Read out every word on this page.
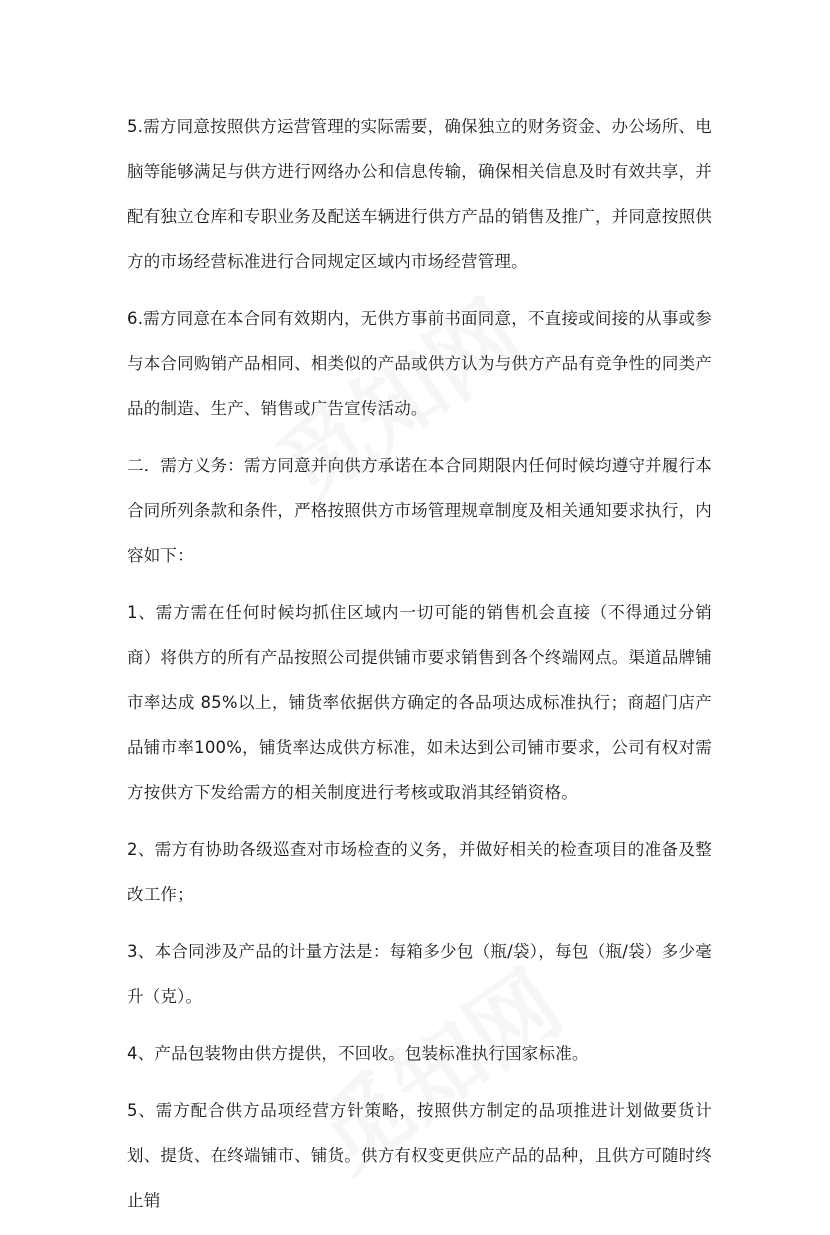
5.需方同意按照供方运营管理的实际需要，确保独立的财务资金、办公场所、电脑等能够满足与供方进行网络办公和信息传输，确保相关信息及时有效共享，并配有独立仓库和专职业务及配送车辆进行供方产品的销售及推广，并同意按照供方的市场经营标准进行合同规定区域内市场经营管理。

6.需方同意在本合同有效期内，无供方事前书面同意，不直接或间接的从事或参与本合同购销产品相同、相类似的产品或供方认为与供方产品有竞争性的同类产品的制造、生产、销售或广告宣传活动。

二．需方义务：需方同意并向供方承诺在本合同期限内任何时候均遵守并履行本合同所列条款和条件，严格按照供方市场管理规章制度及相关通知要求执行，内容如下：

1、需方需在任何时候均抓住区域内一切可能的销售机会直接（不得通过分销商）将供方的所有产品按照公司提供铺市要求销售到各个终端网点。渠道品牌铺市率达成 85%以上，铺货率依据供方确定的各品项达成标准执行；商超门店产品铺市率100%，铺货率达成供方标准，如未达到公司铺市要求，公司有权对需方按供方下发给需方的相关制度进行考核或取消其经销资格。

2、需方有协助各级巡查对市场检查的义务，并做好相关的检查项目的准备及整改工作；

3、本合同涉及产品的计量方法是：每箱多少包（瓶/袋），每包（瓶/袋）多少毫升（克）。

4、产品包装物由供方提供，不回收。包装标准执行国家标准。

5、需方配合供方品项经营方针策略，按照供方制定的品项推进计划做要货计划、提货、在终端铺市、铺货。供方有权变更供应产品的品种，且供方可随时终止销
